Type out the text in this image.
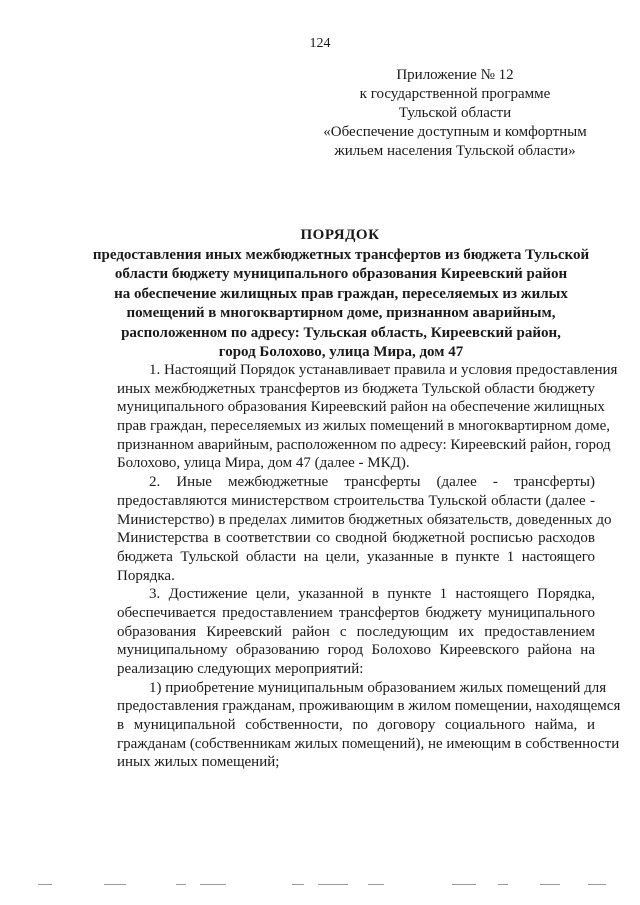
124
Приложение № 12
к государственной программе
Тульской области
«Обеспечение доступным и комфортным
жильем населения Тульской области»
ПОРЯДОК
предоставления иных межбюджетных трансфертов из бюджета Тульской
области бюджету муниципального образования Киреевский район
на обеспечение жилищных прав граждан, переселяемых из жилых
помещений в многоквартирном доме, признанном аварийным,
расположенном по адресу: Тульская область, Киреевский район,
город Болохово, улица Мира, дом 47
1. Настоящий Порядок устанавливает правила и условия предоставления
иных межбюджетных трансфертов из бюджета Тульской области бюджету
муниципального образования Киреевский район на обеспечение жилищных
прав граждан, переселяемых из жилых помещений в многоквартирном доме,
признанном аварийным, расположенном по адресу: Киреевский район, город
Болохово, улица Мира, дом 47 (далее - МКД).
2. Иные межбюджетные трансферты (далее - трансферты)
предоставляются министерством строительства Тульской области (далее -
Министерство) в пределах лимитов бюджетных обязательств, доведенных до
Министерства в соответствии со сводной бюджетной росписью расходов
бюджета Тульской области на цели, указанные в пункте 1 настоящего
Порядка.
3. Достижение цели, указанной в пункте 1 настоящего Порядка,
обеспечивается предоставлением трансфертов бюджету муниципального
образования Киреевский район с последующим их предоставлением
муниципальному образованию город Болохово Киреевского района на
реализацию следующих мероприятий:
1) приобретение муниципальным образованием жилых помещений для
предоставления гражданам, проживающим в жилом помещении, находящемся
в муниципальной собственности, по договору социального найма, и
гражданам (собственникам жилых помещений), не имеющим в собственности
иных жилых помещений;
